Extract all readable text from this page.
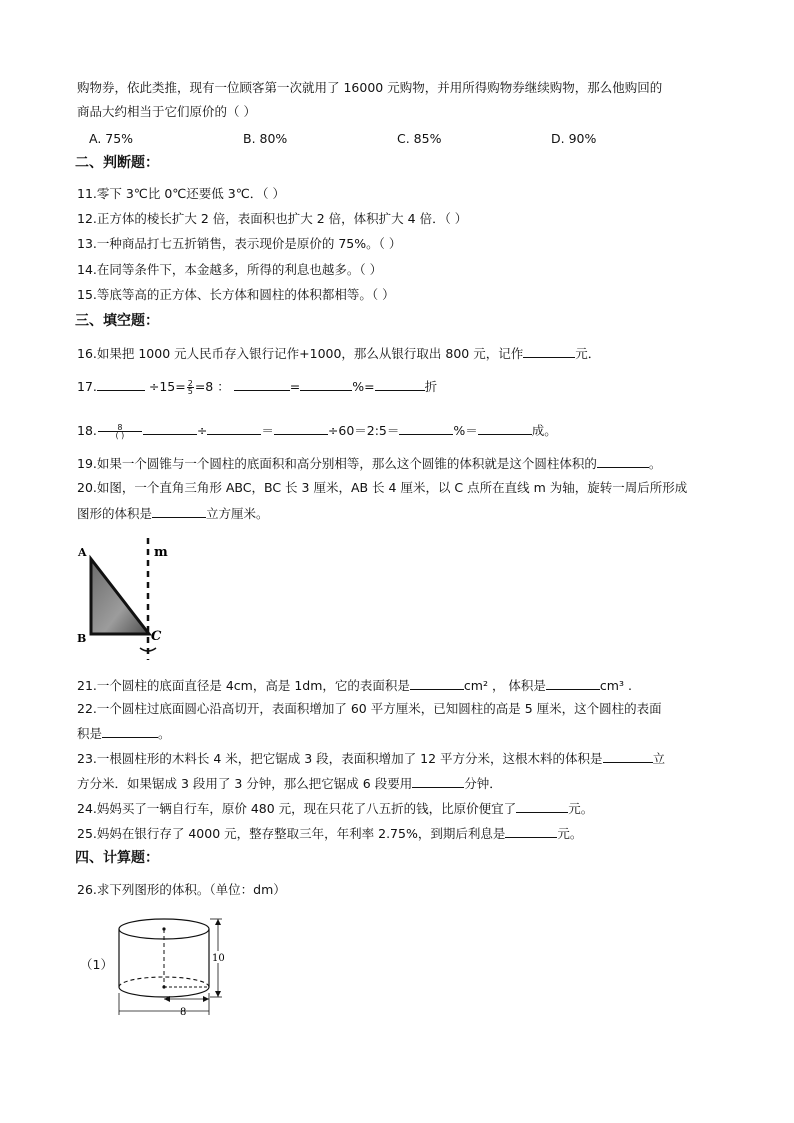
购物券，依此类推，现有一位顾客第一次就用了 16000 元购物，并用所得购物券继续购物，那么他购回的
商品大约相当于它们原价的（ ）
A. 75%	B. 80%	C. 85%	D. 90%
二、判断题：
11.零下 3℃比 0℃还要低 3℃．（ ）
12.正方体的棱长扩大 2 倍，表面积也扩大 2 倍，体积扩大 4 倍．（ ）
13.一种商品打七五折销售，表示现价是原价的 75%。（ ）
14.在同等条件下，本金越多，所得的利息也越多。（ ）
15.等底等高的正方体、长方体和圆柱的体积都相等。（ ）
三、填空题：
16.如果把 1000 元人民币存入银行记作+1000，那么从银行取出 800 元，记作	元．
17.	$\div 15= \frac{2}{5} =8$ ：	=	%=	折
18. $\frac{8}{( )}$	÷	＝	÷60＝2:5＝	%＝	成。
19.如果一个圆锥与一个圆柱的底面积和高分别相等，那么这个圆锥的体积就是这个圆柱体积的	。
20.如图，一个直角三角形 ABC，BC 长 3 厘米，AB 长 4 厘米，以 C 点所在直线 m 为轴，旋转一周后所形成
图形的体积是	立方厘米。
A
B	C
m
21.一个圆柱的底面直径是 4cm，高是 1dm，它的表面积是	cm² ， 体积是	cm³ .
22.一个圆柱过底面圆心沿高切开，表面积增加了 60 平方厘米，已知圆柱的高是 5 厘米，这个圆柱的表面
积是	。
23.一根圆柱形的木料长 4 米，把它锯成 3 段，表面积增加了 12 平方分米，这根木料的体积是	立
方分米．如果锯成 3 段用了 3 分钟，那么把它锯成 6 段要用	分钟．
24.妈妈买了一辆自行车，原价 480 元，现在只花了八五折的钱，比原价便宜了	元。
25.妈妈在银行存了 4000 元，整存整取三年，年利率 2.75%，到期后利息是	元。
四、计算题：
26.求下列图形的体积。（单位：dm）
（1）	10
8
